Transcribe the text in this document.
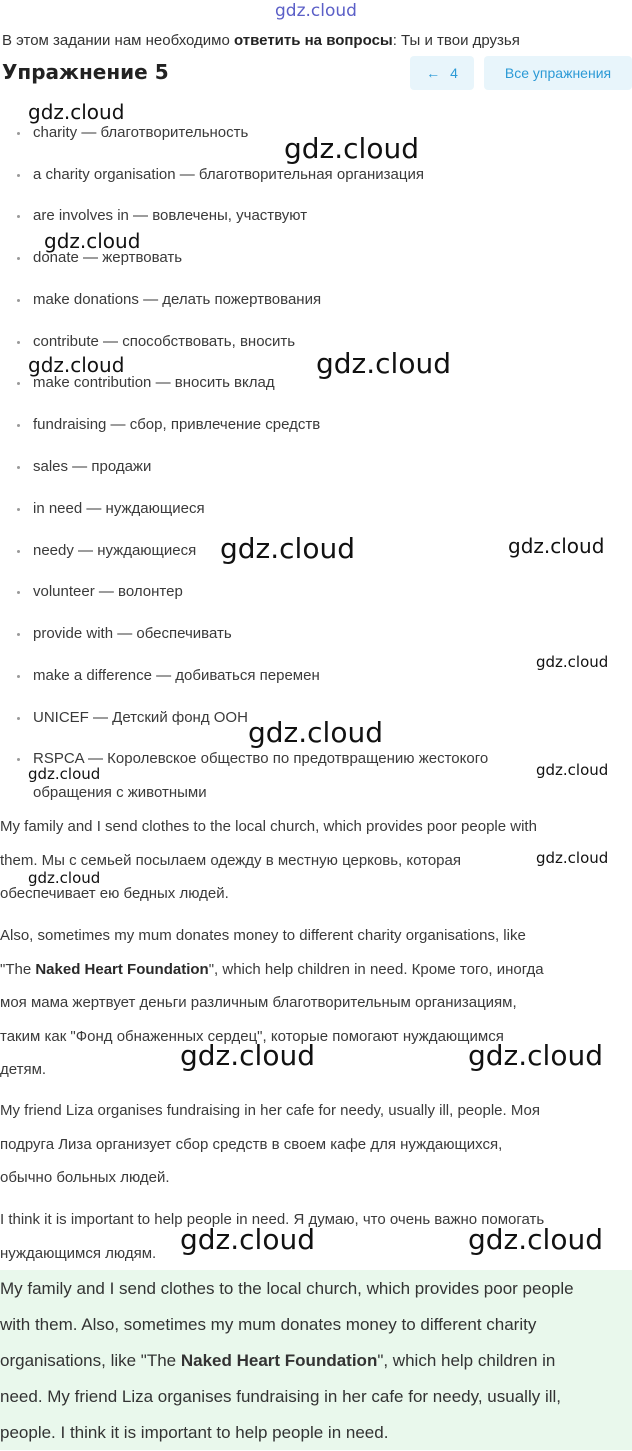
gdz.cloud
В этом задании нам необходимо ответить на вопросы: Ты и твои друзья
Упражнение 5	← 4	Все упражнения
charity — благотворительность
a charity organisation — благотворительная организация
are involves in — вовлечены, участвуют
donate — жертвовать
make donations — делать пожертвования
contribute — способствовать, вносить
make contribution — вносить вклад
fundraising — сбор, привлечение средств
sales — продажи
in need — нуждающиеся
needy — нуждающиеся
volunteer — волонтер
provide with — обеспечивать
make a difference — добиваться перемен
UNICEF — Детский фонд ООН
RSPCA — Королевское общество по предотвращению жестокого
обращения с животными
My family and I send clothes to the local church, which provides poor people with
them. Мы с семьей посылаем одежду в местную церковь, которая
обеспечивает ею бедных людей.
Also, sometimes my mum donates money to different charity organisations, like
"The Naked Heart Foundation", which help children in need. Кроме того, иногда
моя мама жертвует деньги различным благотворительным организациям,
таким как "Фонд обнаженных сердец", которые помогают нуждающимся
детям.
My friend Liza organises fundraising in her cafe for needy, usually ill, people. Моя
подруга Лиза организует сбор средств в своем кафе для нуждающихся,
обычно больных людей.
I think it is important to help people in need. Я думаю, что очень важно помогать
нуждающимся людям.
My family and I send clothes to the local church, which provides poor people
with them. Also, sometimes my mum donates money to different charity
organisations, like "The Naked Heart Foundation", which help children in
need. My friend Liza organises fundraising in her cafe for needy, usually ill,
people. I think it is important to help people in need.
gdz.cloud
gdz.cloud
gdz.cloud
gdz.cloud	gdz.cloud
gdz.cloud	gdz.cloud
gdz.cloud
gdz.cloud
gdz.cloud	gdz.cloud
gdz.cloud
gdz.cloud
gdz.cloud	gdz.cloud
gdz.cloud	gdz.cloud
